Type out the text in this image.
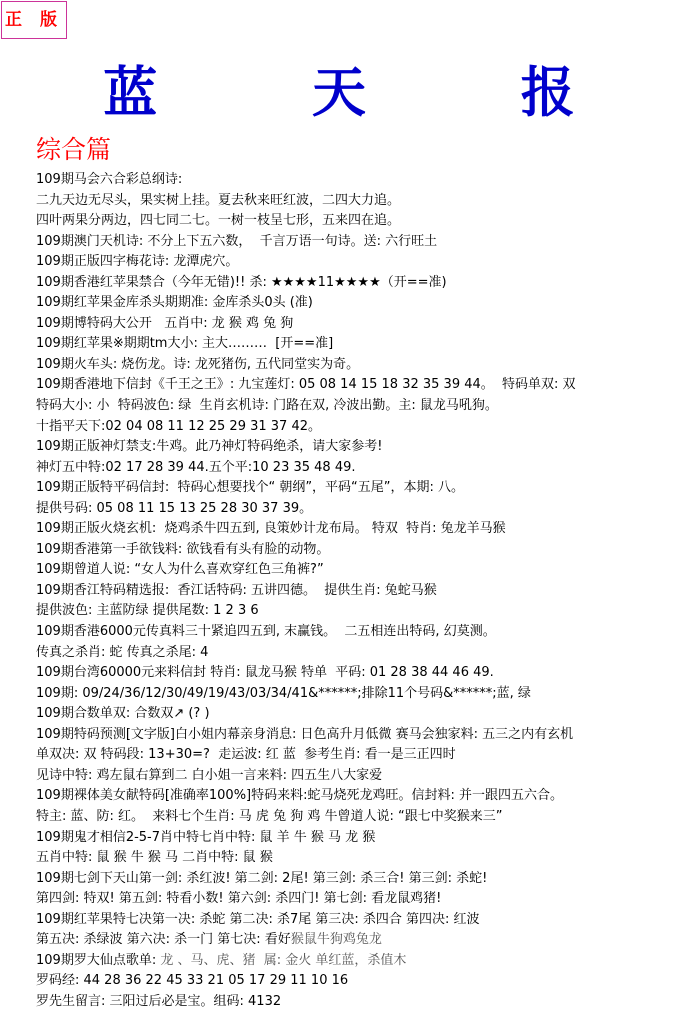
正 版
蓝 天 报
综合篇
109期马会六合彩总纲诗:
二九天边无尽头，果实树上挂。夏去秋来旺红波，二四大力追。
四叶两果分两边，四七同二七。一树一枝呈七形，五来四在追。
109期澳门天机诗: 不分上下五六数，  千言万语一句诗。送: 六行旺土
109期正版四字梅花诗: 龙潭虎穴。
109期香港红苹果禁合（今年无错)!! 杀: ★★★★11★★★★（开==准)
109期红苹果金库杀头期期准: 金库杀头0头 (准)
109期博特码大公开   五肖中: 龙 猴 鸡 兔 狗
109期红苹果※期期tm大小: 主大………  [开==准]
109期火车头: 烧伤龙。诗: 龙死猪伤, 五代同堂实为奇。
109期香港地下信封《千王之王》: 九宝莲灯: 05 08 14 15 18 32 35 39 44。  特码单双: 双
特码大小: 小  特码波色: 绿  生肖玄机诗: 门路在双, 冷波出勤。主: 鼠龙马吼狗。
十指平天下:02 04 08 11 12 25 29 31 37 42。
109期正版神灯禁支:牛鸡。此乃神灯特码绝杀，请大家参考!
神灯五中特:02 17 28 39 44.五个平:10 23 35 48 49.
109期正版特平码信封:  特码心想要找个“ 朝纲”，平码“五尾”，本期: 八。
提供号码: 05 08 11 15 13 25 28 30 37 39。
109期正版火烧玄机:  烧鸡杀牛四五到, 良策妙计龙布局。 特双  特肖: 兔龙羊马猴
109期香港第一手欲钱料: 欲钱看有头有脸的动物。
109期曾道人说: “女人为什么喜欢穿红色三角裤?”
109期香江特码精选报:  香江话特码: 五讲四德。  提供生肖: 兔蛇马猴
提供波色: 主蓝防绿 提供尾数: 1 2 3 6
109期香港6000元传真料三十紧追四五到, 末赢钱。  二五相连出特码, 幻莫测。
传真之杀肖: 蛇 传真之杀尾: 4
109期台湾60000元来料信封 特肖: 鼠龙马猴 特单  平码: 01 28 38 44 46 49.
109期: 09/24/36/12/30/49/19/43/03/34/41&******;排除11个号码&******;蓝, 绿
109期合数单双: 合数双↗ (? )
109期特码预测[文字版]白小姐内幕亲身消息: 日色高升月低微 赛马会独家料: 五三之内有玄机
单双决: 双 特码段: 13+30=?  走运波: 红 蓝  参考生肖: 看一是三正四时
见诗中特: 鸡左鼠右算到二 白小姐一言来料: 四五生八大家爱
109期裸体美女献特码[准确率100%]特码来料:蛇马烧死龙鸡旺。信封料: 并一跟四五六合。
特主: 蓝、防: 红。  来料七个生肖: 马 虎 兔 狗 鸡 牛曾道人说: “跟七中奖猴来三”
109期鬼才相信2-5-7肖中特七肖中特: 鼠 羊 牛 猴 马 龙 猴
五肖中特: 鼠 猴 牛 猴 马 二肖中特: 鼠 猴
109期七剑下天山第一剑: 杀红波! 第二剑: 2尾! 第三剑: 杀三合! 第三剑: 杀蛇!
第四剑: 特双! 第五剑: 特看小数! 第六剑: 杀四门! 第七剑: 看龙鼠鸡猪!
109期红苹果特七决第一决: 杀蛇 第二决: 杀7尾 第三决: 杀四合 第四决: 红波
第五决: 杀绿波 第六决: 杀一门 第七决: 看好猴鼠牛狗鸡兔龙
109期罗大仙点歌单: 龙 、马、虎、猪  属: 金火 单红蓝，杀值木
罗码经: 44 28 36 22 45 33 21 05 17 29 11 10 16
罗先生留言: 三阳过后必是宝。组码: 4132
